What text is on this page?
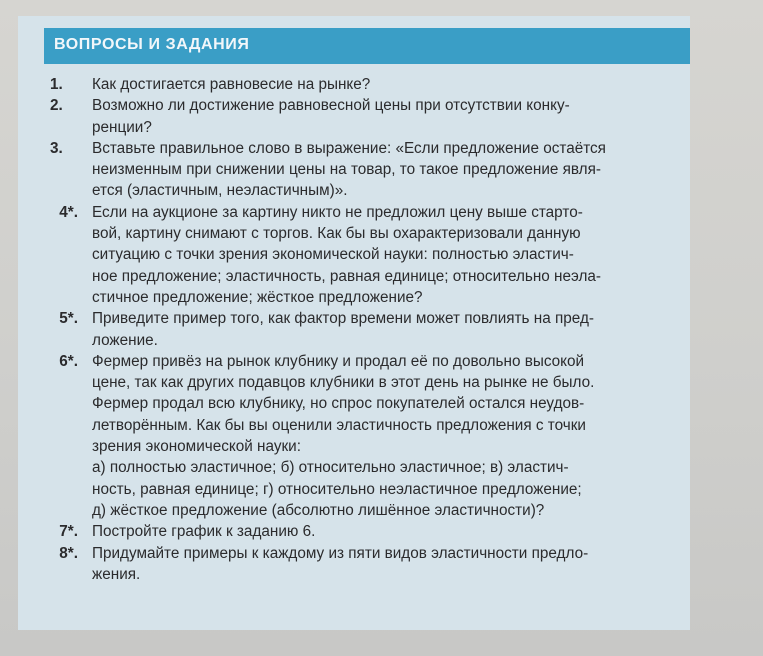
ВОПРОСЫ И ЗАДАНИЯ
1.	Как достигается равновесие на рынке?
2.	Возможно ли достижение равновесной цены при отсутствии конку-
ренции?
3.	Вставьте правильное слово в выражение: «Если предложение остаётся
неизменным при снижении цены на товар, то такое предложение явля-
ется (эластичным, неэластичным)».
4*. Если на аукционе за картину никто не предложил цену выше старто-
вой, картину снимают с торгов. Как бы вы охарактеризовали данную
ситуацию с точки зрения экономической науки: полностью эластич-
ное предложение; эластичность, равная единице; относительно неэла-
стичное предложение; жёсткое предложение?
5*. Приведите пример того, как фактор времени может повлиять на пред-
ложение.
6*. Фермер привёз на рынок клубнику и продал её по довольно высокой
цене, так как других подавцов клубники в этот день на рынке не было.
Фермер продал всю клубнику, но спрос покупателей остался неудов-
летворённым. Как бы вы оценили эластичность предложения с точки
зрения экономической науки:
а) полностью эластичное; б) относительно эластичное; в) эластич-
ность, равная единице; г) относительно неэластичное предложение;
д) жёсткое предложение (абсолютно лишённое эластичности)?
7*. Постройте график к заданию 6.
8*. Придумайте примеры к каждому из пяти видов эластичности предло-
жения.
